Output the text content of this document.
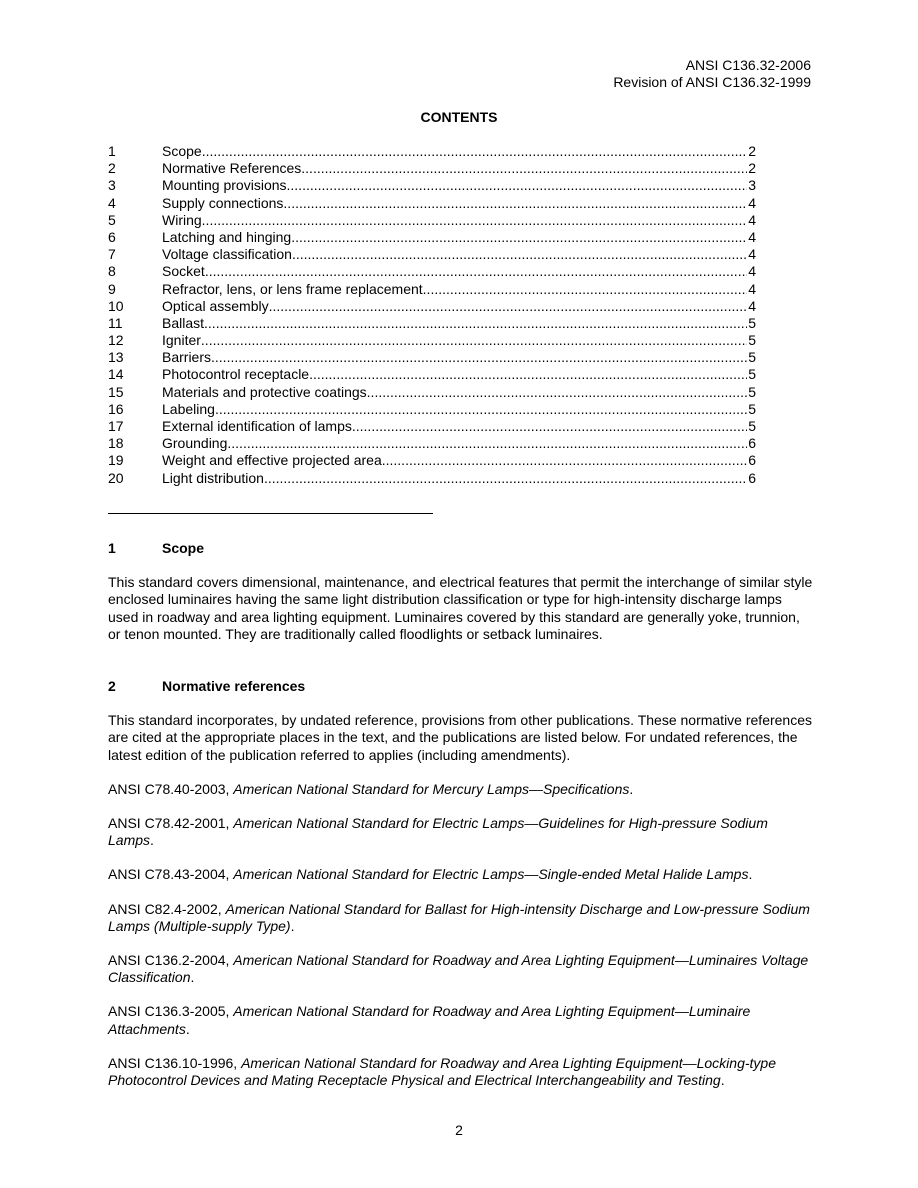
ANSI C136.32-2006
Revision of ANSI C136.32-1999
CONTENTS
1	Scope .....	2
2	Normative References .....	2
3	Mounting provisions .....	3
4	Supply connections .....	4
5	Wiring .....	4
6	Latching and hinging .....	4
7	Voltage classification .....	4
8	Socket .....	4
9	Refractor, lens, or lens frame replacement .....	4
10	Optical assembly .....	4
11	Ballast .....	5
12	Igniter .....	5
13	Barriers .....	5
14	Photocontrol receptacle .....	5
15	Materials and protective coatings .....	5
16	Labeling .....	5
17	External identification of lamps .....	5
18	Grounding .....	6
19	Weight and effective projected area .....	6
20	Light distribution .....	6
1	Scope

This standard covers dimensional, maintenance, and electrical features that permit the interchange of similar style enclosed luminaires having the same light distribution classification or type for high-intensity discharge lamps used in roadway and area lighting equipment. Luminaires covered by this standard are generally yoke, trunnion, or tenon mounted. They are traditionally called floodlights or setback luminaires.

2	Normative references

This standard incorporates, by undated reference, provisions from other publications. These normative references are cited at the appropriate places in the text, and the publications are listed below. For undated references, the latest edition of the publication referred to applies (including amendments).

ANSI C78.40-2003, American National Standard for Mercury Lamps—Specifications.

ANSI C78.42-2001, American National Standard for Electric Lamps—Guidelines for High-pressure Sodium Lamps.

ANSI C78.43-2004, American National Standard for Electric Lamps—Single-ended Metal Halide Lamps.

ANSI C82.4-2002, American National Standard for Ballast for High-intensity Discharge and Low-pressure Sodium Lamps (Multiple-supply Type).

ANSI C136.2-2004, American National Standard for Roadway and Area Lighting Equipment—Luminaires Voltage Classification.

ANSI C136.3-2005, American National Standard for Roadway and Area Lighting Equipment—Luminaire Attachments.

ANSI C136.10-1996, American National Standard for Roadway and Area Lighting Equipment—Locking-type Photocontrol Devices and Mating Receptacle Physical and Electrical Interchangeability and Testing.

2
